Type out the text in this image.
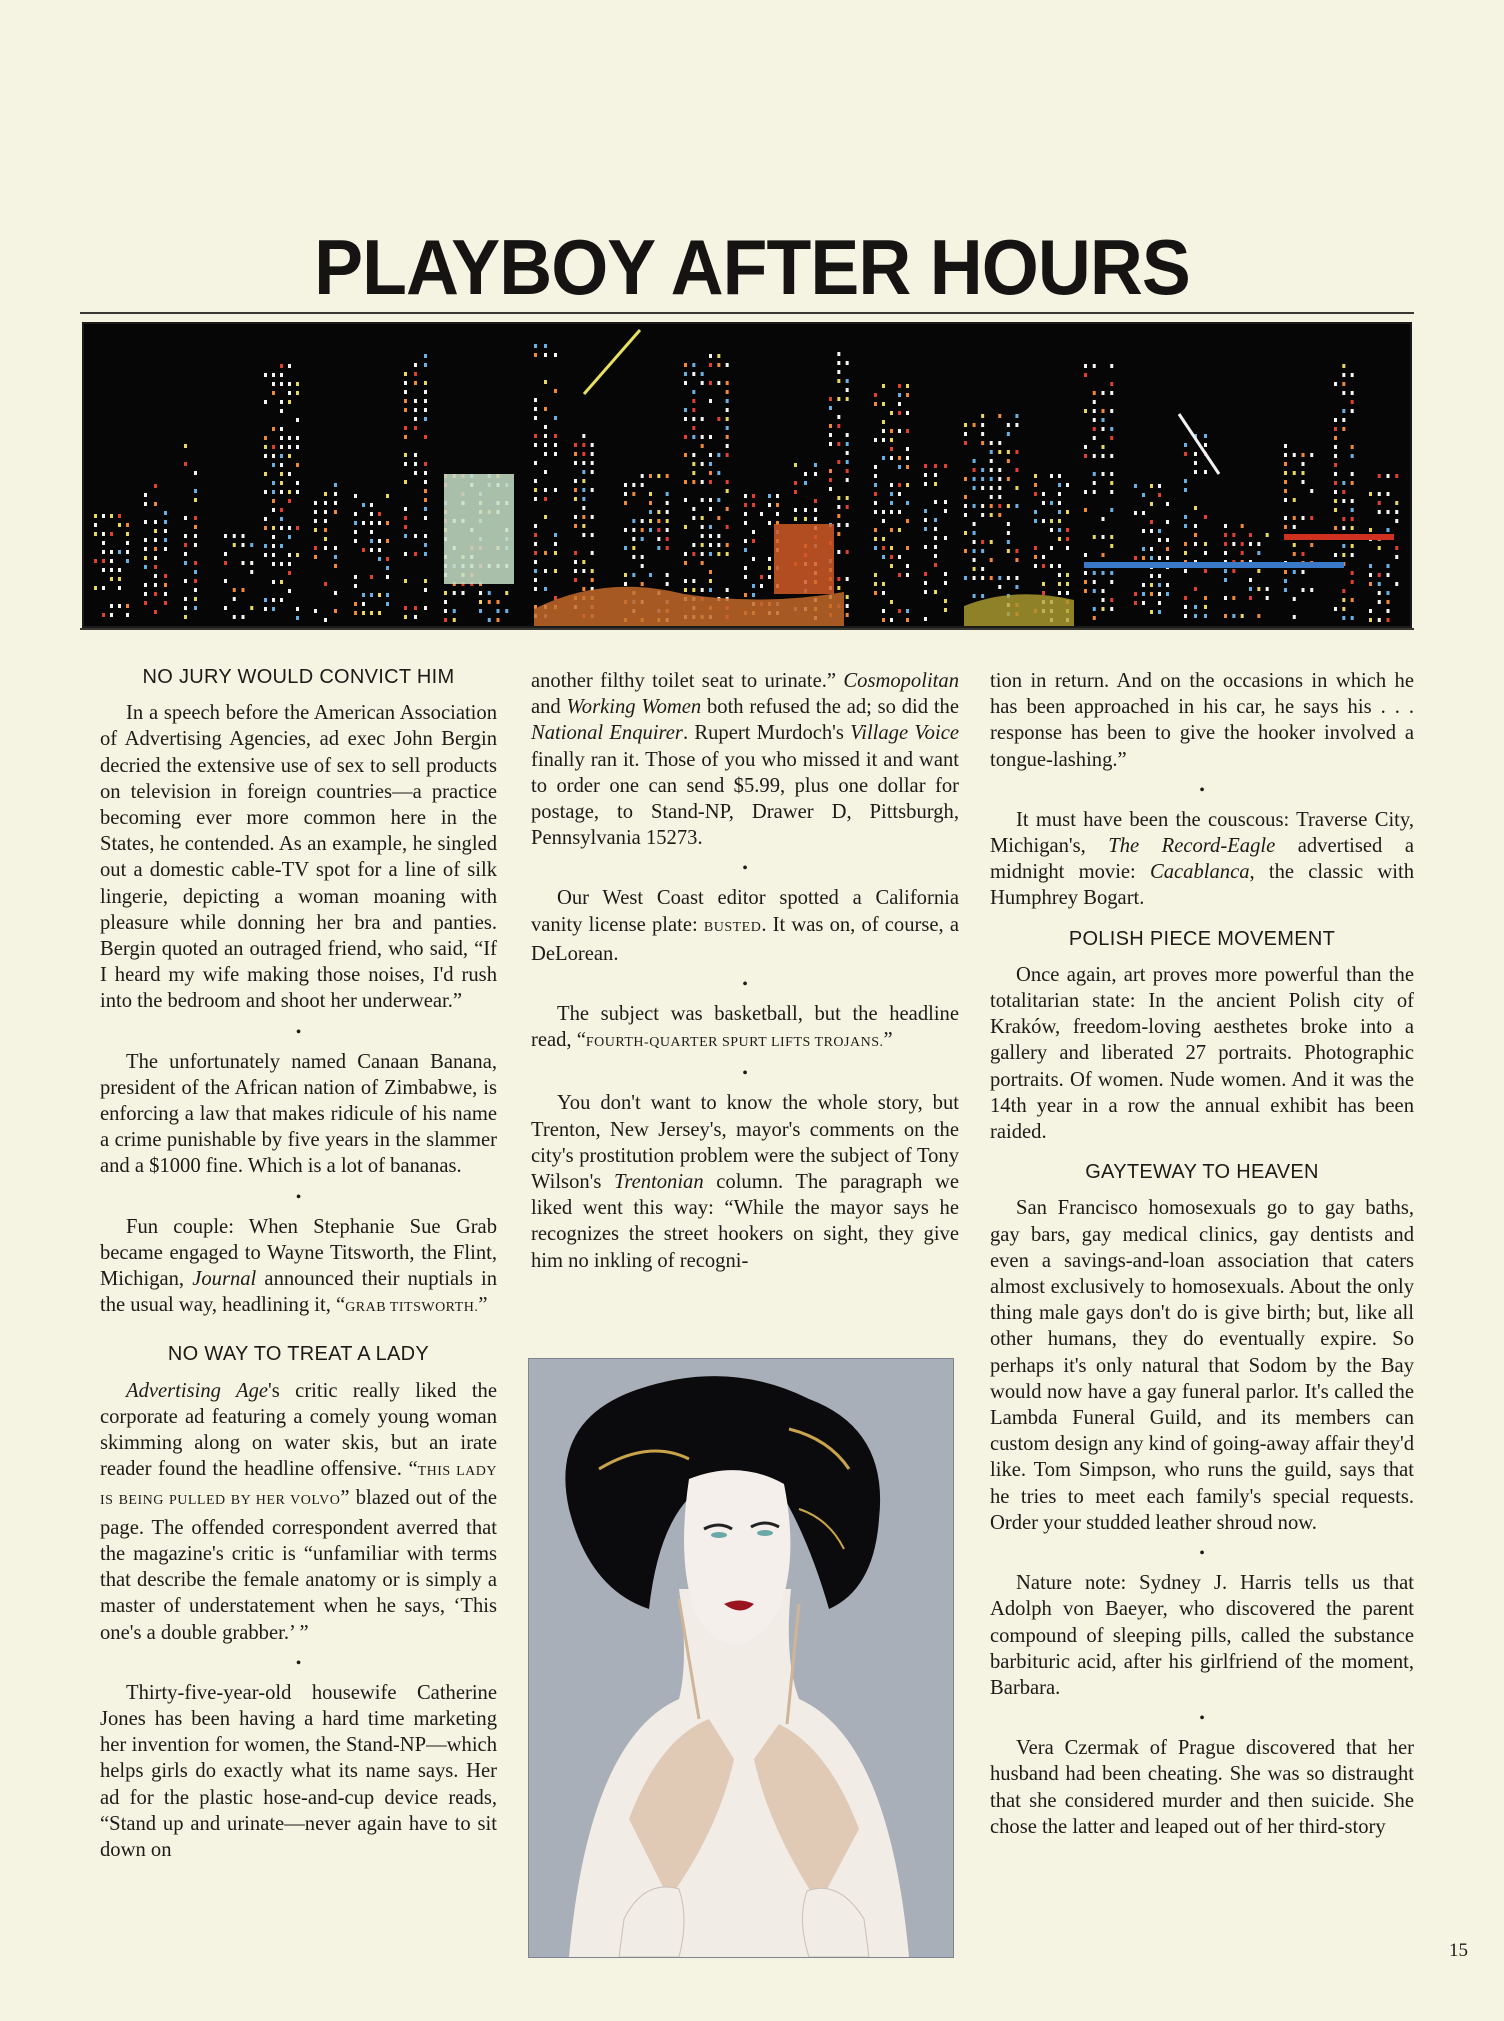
PLAYBOY AFTER HOURS
NO JURY WOULD CONVICT HIM

In a speech before the American Association of Advertising Agencies, ad exec John Bergin decried the extensive use of sex to sell products on television in foreign countries—a practice becoming ever more common here in the States, he contended. As an example, he singled out a domestic cable-TV spot for a line of silk lingerie, depicting a woman moaning with pleasure while donning her bra and panties. Bergin quoted an outraged friend, who said, “If I heard my wife making those noises, I'd rush into the bedroom and shoot her underwear.”

•

The unfortunately named Canaan Banana, president of the African nation of Zimbabwe, is enforcing a law that makes ridicule of his name a crime punishable by five years in the slammer and a $1000 fine. Which is a lot of bananas.

•

Fun couple: When Stephanie Sue Grab became engaged to Wayne Titsworth, the Flint, Michigan, Journal announced their nuptials in the usual way, headlining it, “GRAB TITSWORTH.”

NO WAY TO TREAT A LADY

Advertising Age's critic really liked the corporate ad featuring a comely young woman skimming along on water skis, but an irate reader found the headline offensive. “THIS LADY IS BEING PULLED BY HER VOLVO” blazed out of the page. The offended correspondent averred that the magazine's critic is “unfamiliar with terms that describe the female anatomy or is simply a master of understatement when he says, ‘This one's a double grabber.’ ”

•

Thirty-five-year-old housewife Catherine Jones has been having a hard time marketing her invention for women, the Stand-NP—which helps girls do exactly what its name says. Her ad for the plastic hose-and-cup device reads, “Stand up and urinate—never again have to sit down on

another filthy toilet seat to urinate.” Cosmopolitan and Working Women both refused the ad; so did the National Enquirer. Rupert Murdoch's Village Voice finally ran it. Those of you who missed it and want to order one can send $5.99, plus one dollar for postage, to Stand-NP, Drawer D, Pittsburgh, Pennsylvania 15273.

•

Our West Coast editor spotted a California vanity license plate: BUSTED. It was on, of course, a DeLorean.

•

The subject was basketball, but the headline read, “FOURTH-QUARTER SPURT LIFTS TROJANS.”

•

You don't want to know the whole story, but Trenton, New Jersey's, mayor's comments on the city's prostitution problem were the subject of Tony Wilson's Trentonian column. The paragraph we liked went this way: “While the mayor says he recognizes the street hookers on sight, they give him no inkling of recogni-

tion in return. And on the occasions in which he has been approached in his car, he says his . . . response has been to give the hooker involved a tongue-lashing.”

•

It must have been the couscous: Traverse City, Michigan's, The Record-Eagle advertised a midnight movie: Cacablanca, the classic with Humphrey Bogart.

POLISH PIECE MOVEMENT

Once again, art proves more powerful than the totalitarian state: In the ancient Polish city of Kraków, freedom-loving aesthetes broke into a gallery and liberated 27 portraits. Photographic portraits. Of women. Nude women. And it was the 14th year in a row the annual exhibit has been raided.

GAYTEWAY TO HEAVEN

San Francisco homosexuals go to gay baths, gay bars, gay medical clinics, gay dentists and even a savings-and-loan association that caters almost exclusively to homosexuals. About the only thing male gays don't do is give birth; but, like all other humans, they do eventually expire. So perhaps it's only natural that Sodom by the Bay would now have a gay funeral parlor. It's called the Lambda Funeral Guild, and its members can custom design any kind of going-away affair they'd like. Tom Simpson, who runs the guild, says that he tries to meet each family's special requests. Order your studded leather shroud now.

•

Nature note: Sydney J. Harris tells us that Adolph von Baeyer, who discovered the parent compound of sleeping pills, called the substance barbituric acid, after his girlfriend of the moment, Barbara.

•

Vera Czermak of Prague discovered that her husband had been cheating. She was so distraught that she considered murder and then suicide. She chose the latter and leaped out of her third-story

15
